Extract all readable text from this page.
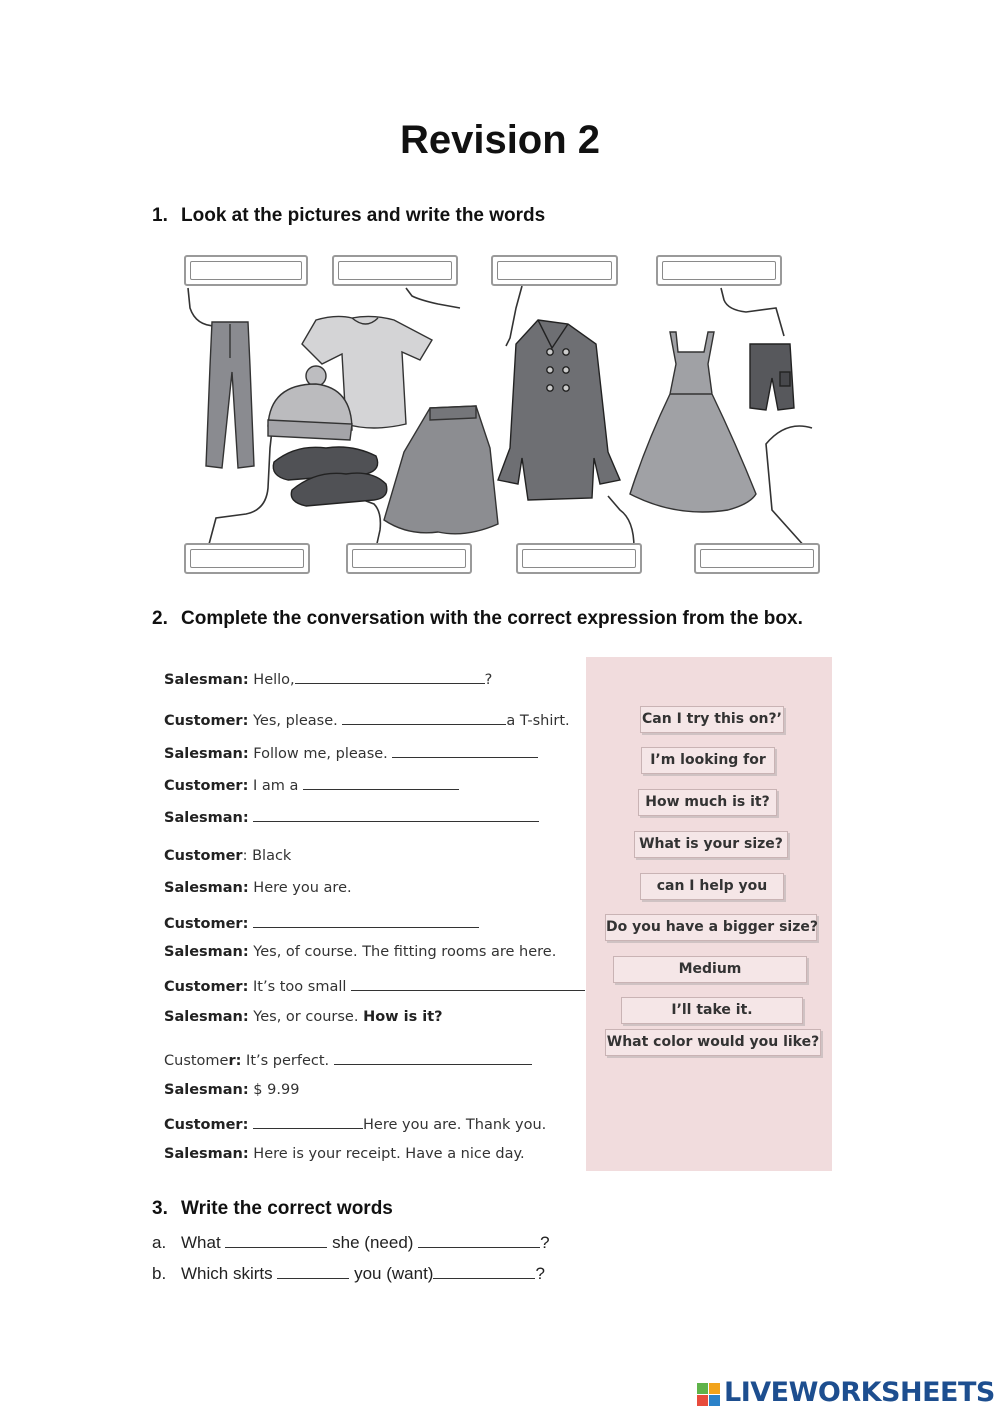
Revision 2
1. Look at the pictures and write the words
2. Complete the conversation with the correct expression from the box.
Salesman: Hello,	?
Customer: Yes, please.	a T-shirt.
Salesman: Follow me, please.
Customer: I am a
Salesman:
Customer: Black
Salesman: Here you are.
Customer:
Salesman: Yes, of course. The fitting rooms are here.
Customer: It’s too small
Salesman: Yes, or course. How is it?
Customer: It’s perfect.
Salesman: $ 9.99
Customer:	Here you are. Thank you.
Salesman: Here is your receipt. Have a nice day.
Can I try this on?’
I’m looking for
How much is it?
What is your size?
can I help you
Do you have a bigger size?
Medium
I’ll take it.
What color would you like?
3. Write the correct words
a. What	she (need)	?
b. Which skirts	you (want)	?
LIVEWORKSHEETS
